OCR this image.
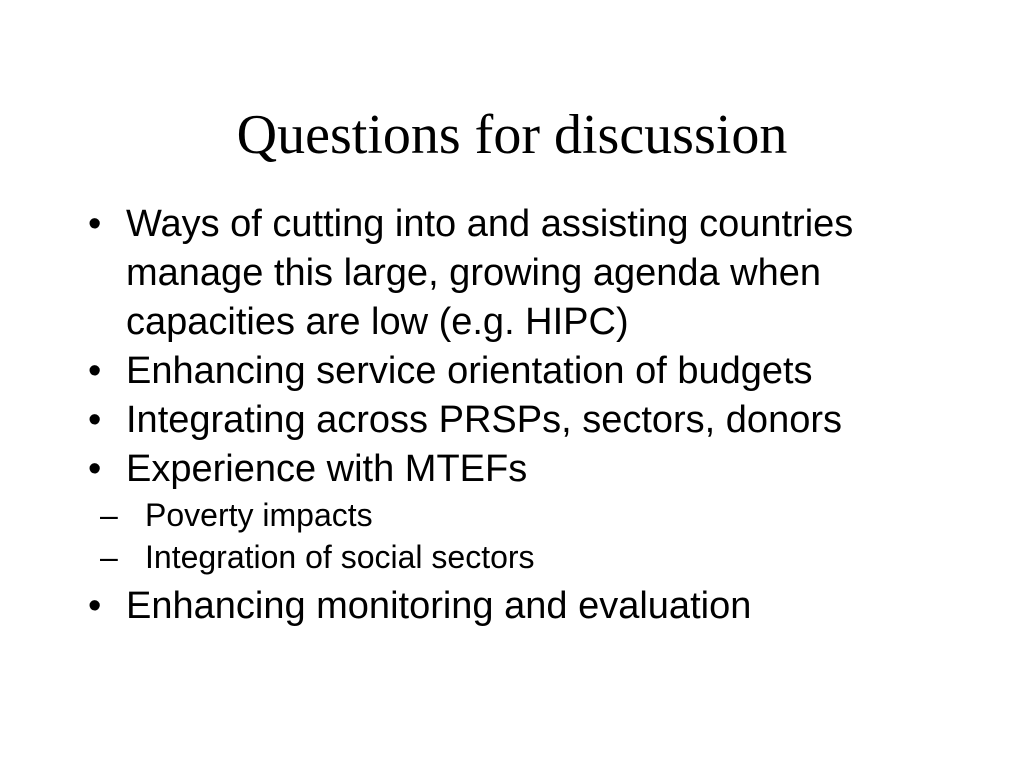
Questions for discussion
• Ways of cutting into and assisting countries manage this large, growing agenda when capacities are low (e.g. HIPC)
• Enhancing service orientation of budgets
• Integrating across PRSPs, sectors, donors
• Experience with MTEFs
– Poverty impacts
– Integration of social sectors
• Enhancing monitoring and evaluation
